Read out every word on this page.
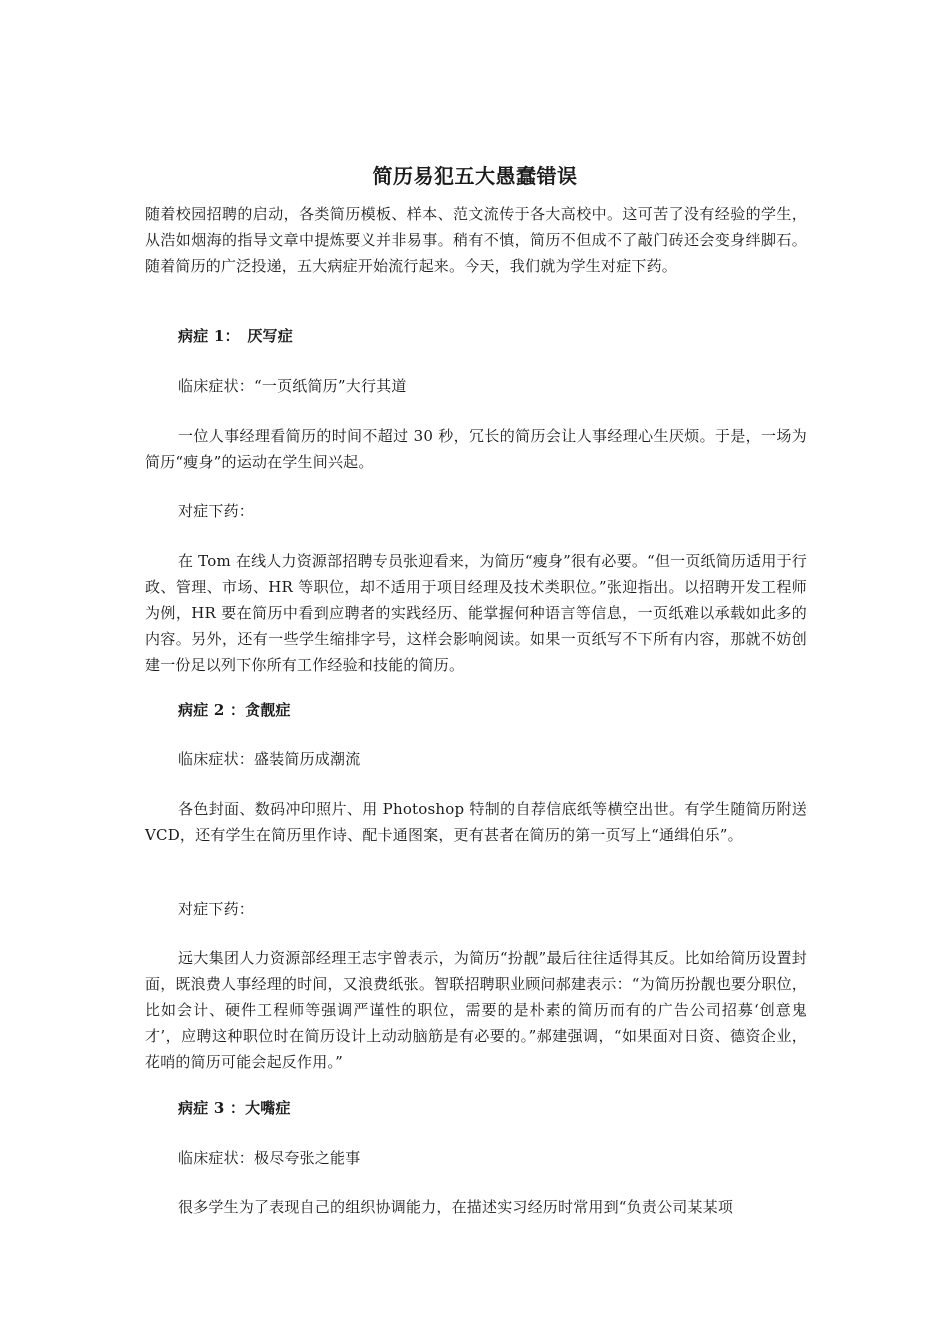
简历易犯五大愚蠢错误

随着校园招聘的启动，各类简历模板、样本、范文流传于各大高校中。这可苦了没有经验的学生，从浩如烟海的指导文章中提炼要义并非易事。稍有不慎，简历不但成不了敲门砖还会变身绊脚石。随着简历的广泛投递，五大病症开始流行起来。今天，我们就为学生对症下药。

病症 1：　厌写症

临床症状：“一页纸简历”大行其道

一位人事经理看简历的时间不超过 30 秒，冗长的简历会让人事经理心生厌烦。于是，一场为简历“瘦身”的运动在学生间兴起。

对症下药：

在 Tom 在线人力资源部招聘专员张迎看来，为简历“瘦身”很有必要。“但一页纸简历适用于行政、管理、市场、HR 等职位，却不适用于项目经理及技术类职位。”张迎指出。以招聘开发工程师为例，HR 要在简历中看到应聘者的实践经历、能掌握何种语言等信息，一页纸难以承载如此多的内容。另外，还有一些学生缩排字号，这样会影响阅读。如果一页纸写不下所有内容，那就不妨创建一份足以列下你所有工作经验和技能的简历。

病症 2 ：贪靓症

临床症状：盛装简历成潮流

各色封面、数码冲印照片、用 Photoshop 特制的自荐信底纸等横空出世。有学生随简历附送 VCD，还有学生在简历里作诗、配卡通图案，更有甚者在简历的第一页写上“通缉伯乐”。

对症下药：

远大集团人力资源部经理王志宇曾表示，为简历“扮靓”最后往往适得其反。比如给简历设置封面，既浪费人事经理的时间，又浪费纸张。智联招聘职业顾问郝建表示：“为简历扮靓也要分职位，比如会计、硬件工程师等强调严谨性的职位，需要的是朴素的简历而有的广告公司招募‘创意鬼才’，应聘这种职位时在简历设计上动动脑筋是有必要的。”郝建强调，“如果面对日资、德资企业，花哨的简历可能会起反作用。”

病症 3 ：大嘴症

临床症状：极尽夸张之能事

很多学生为了表现自己的组织协调能力，在描述实习经历时常用到“负责公司某某项
